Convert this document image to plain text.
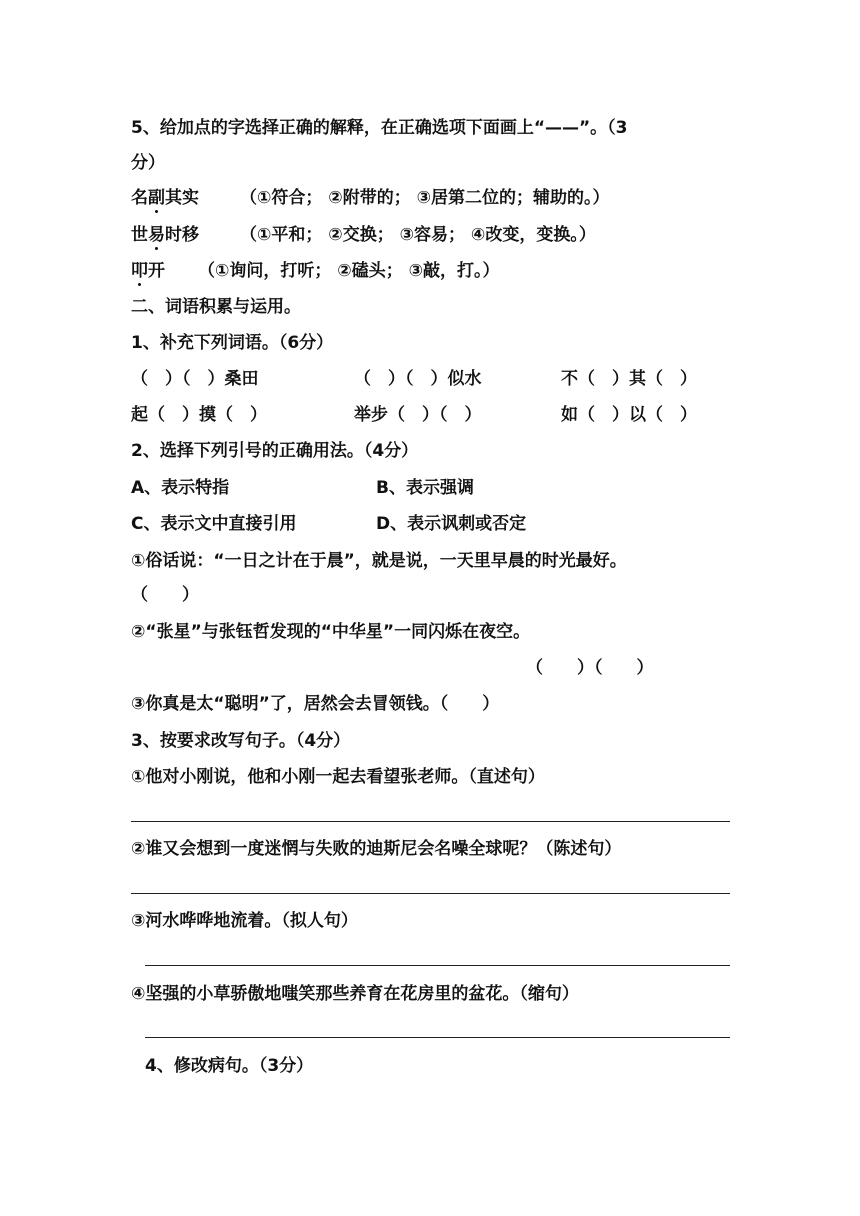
5、给加点的字选择正确的解释，在正确选项下面画上“——”。（3
分）
名副其实 （①符合； ②附带的； ③居第二位的；辅助的。）
世易时移 （①平和； ②交换； ③容易； ④改变，变换。）
叩开 （①询问，打听； ②磕头； ③敲，打。）
二、词语积累与运用。
1、补充下列词语。（6分）
（　）（　）桑田	（　）（　）似水	不（　）其（　）
起（　）摸（　）	举步（　）（　）	如（　）以（　）
2、选择下列引号的正确用法。（4分）
A、表示特指	B、表示强调
C、表示文中直接引用	D、表示讽刺或否定
①俗话说：“一日之计在于晨”，就是说，一天里早晨的时光最好。
（　　）
②“张星”与张钰哲发现的“中华星”一同闪烁在夜空。
（　　）（　　）
③你真是太“聪明”了，居然会去冒领钱。（　　）
3、按要求改写句子。（4分）
①他对小刚说，他和小刚一起去看望张老师。（直述句）
②谁又会想到一度迷惘与失败的迪斯尼会名噪全球呢？（陈述句）
③河水哗哗地流着。（拟人句）
④坚强的小草骄傲地嗤笑那些养育在花房里的盆花。（缩句）
4、修改病句。（3分）
